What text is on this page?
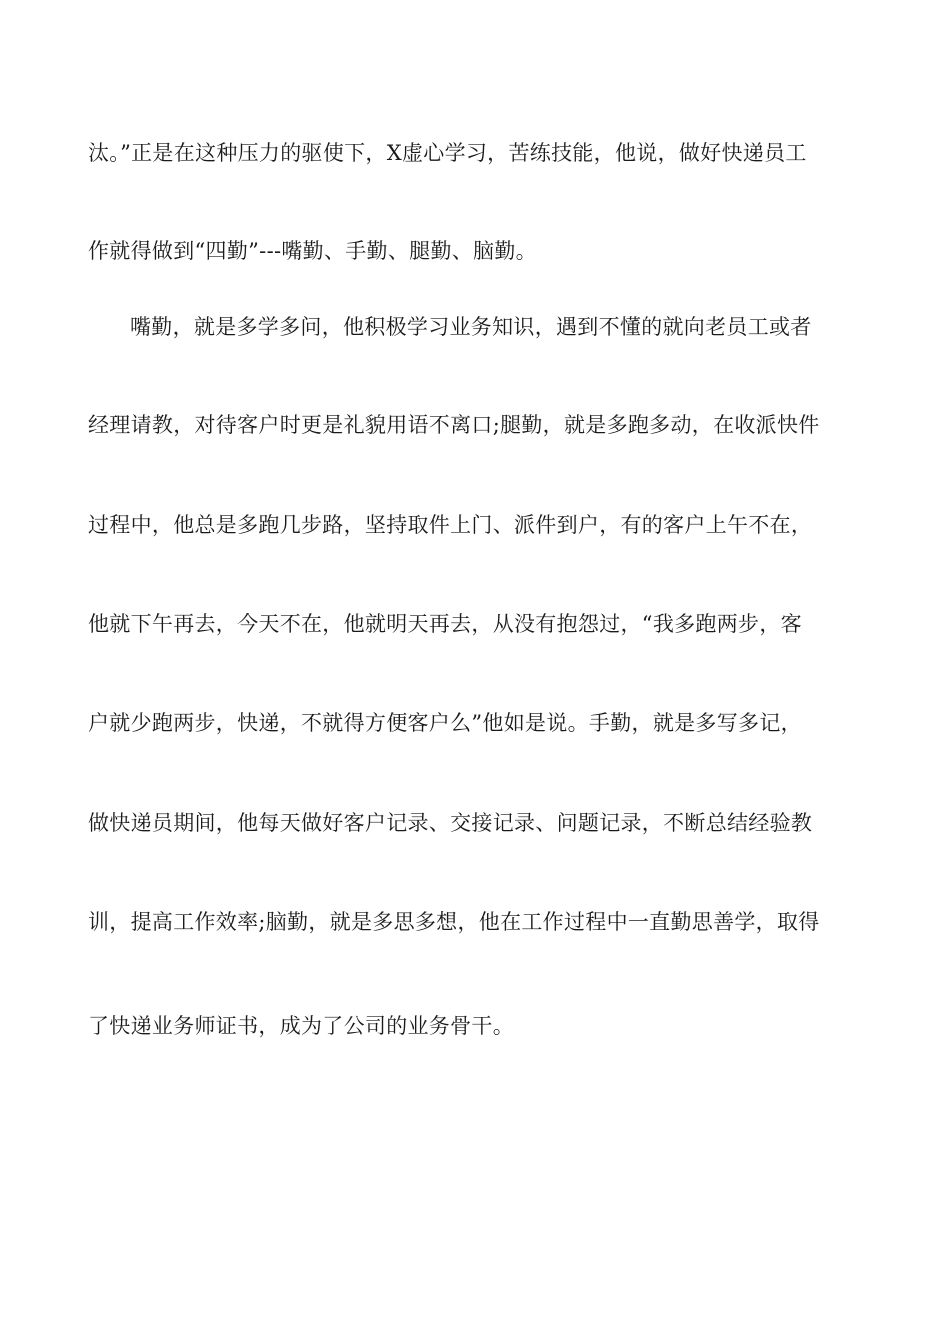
汰。”正是在这种压力的驱使下，X虚心学习，苦练技能，他说，做好快递员工
作就得做到“四勤”---嘴勤、手勤、腿勤、脑勤。
嘴勤，就是多学多问，他积极学习业务知识，遇到不懂的就向老员工或者
经理请教，对待客户时更是礼貌用语不离口;腿勤，就是多跑多动，在收派快件
过程中，他总是多跑几步路，坚持取件上门、派件到户，有的客户上午不在，
他就下午再去，今天不在，他就明天再去，从没有抱怨过，“我多跑两步，客
户就少跑两步，快递，不就得方便客户么”他如是说。手勤，就是多写多记，
做快递员期间，他每天做好客户记录、交接记录、问题记录，不断总结经验教
训，提高工作效率;脑勤，就是多思多想，他在工作过程中一直勤思善学，取得
了快递业务师证书，成为了公司的业务骨干。
